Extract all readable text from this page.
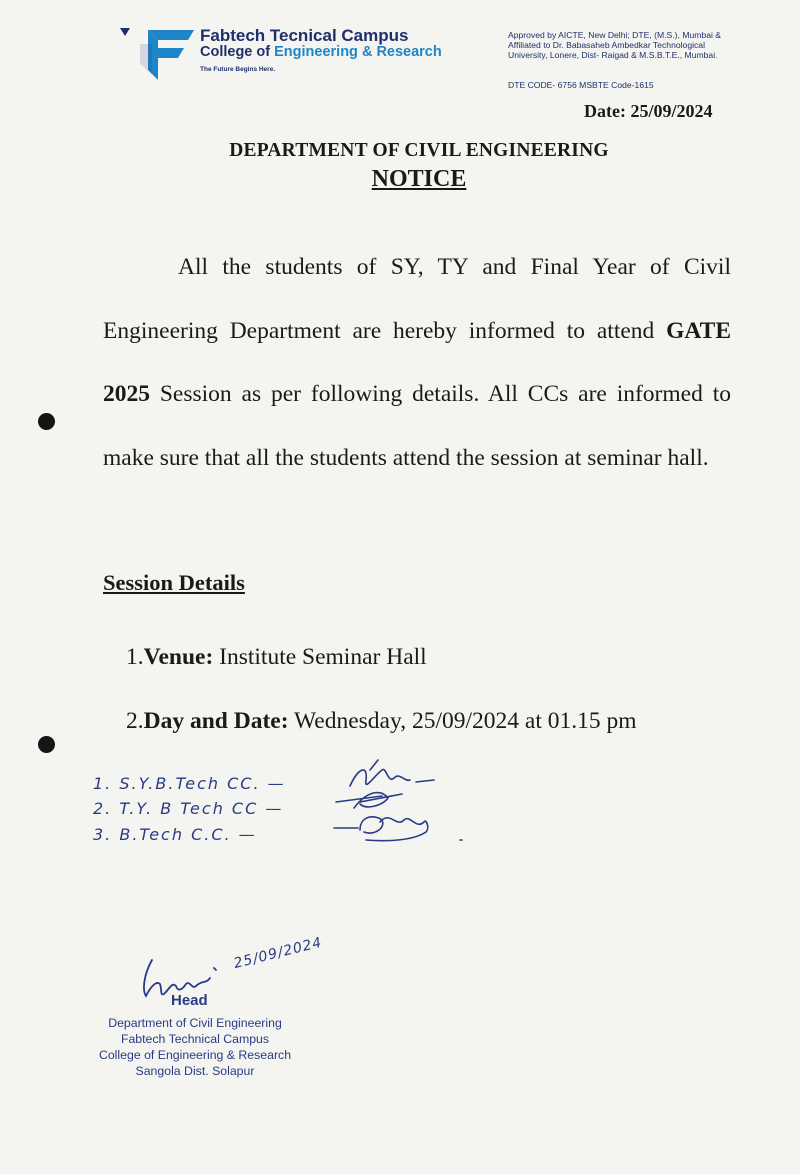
Fabtech Tecnical Campus
College of Engineering & Research
The Future Begins Here.
Approved by AICTE, New Delhi; DTE, (M.S.), Mumbai & Affiliated to Dr. Babasaheb Ambedkar Technological University, Lonere, Dist- Raigad & M.S.B.T.E., Mumbai.
DTE CODE- 6756 MSBTE Code-1615
Date: 25/09/2024
DEPARTMENT OF CIVIL ENGINEERING
NOTICE
All the students of SY, TY and Final Year of Civil Engineering Department are hereby informed to attend GATE 2025 Session as per following details. All CCs are informed to make sure that all the students attend the session at seminar hall.
Session Details
1.Venue: Institute Seminar Hall
2.Day and Date: Wednesday, 25/09/2024 at 01.15 pm
1. S.Y.B.Tech CC. —
2. T.Y. B Tech CC —
3. B.Tech C.C. —
25/09/2024
Head
Department of Civil Engineering
Fabtech Technical Campus
College of Engineering & Research
Sangola Dist. Solapur
